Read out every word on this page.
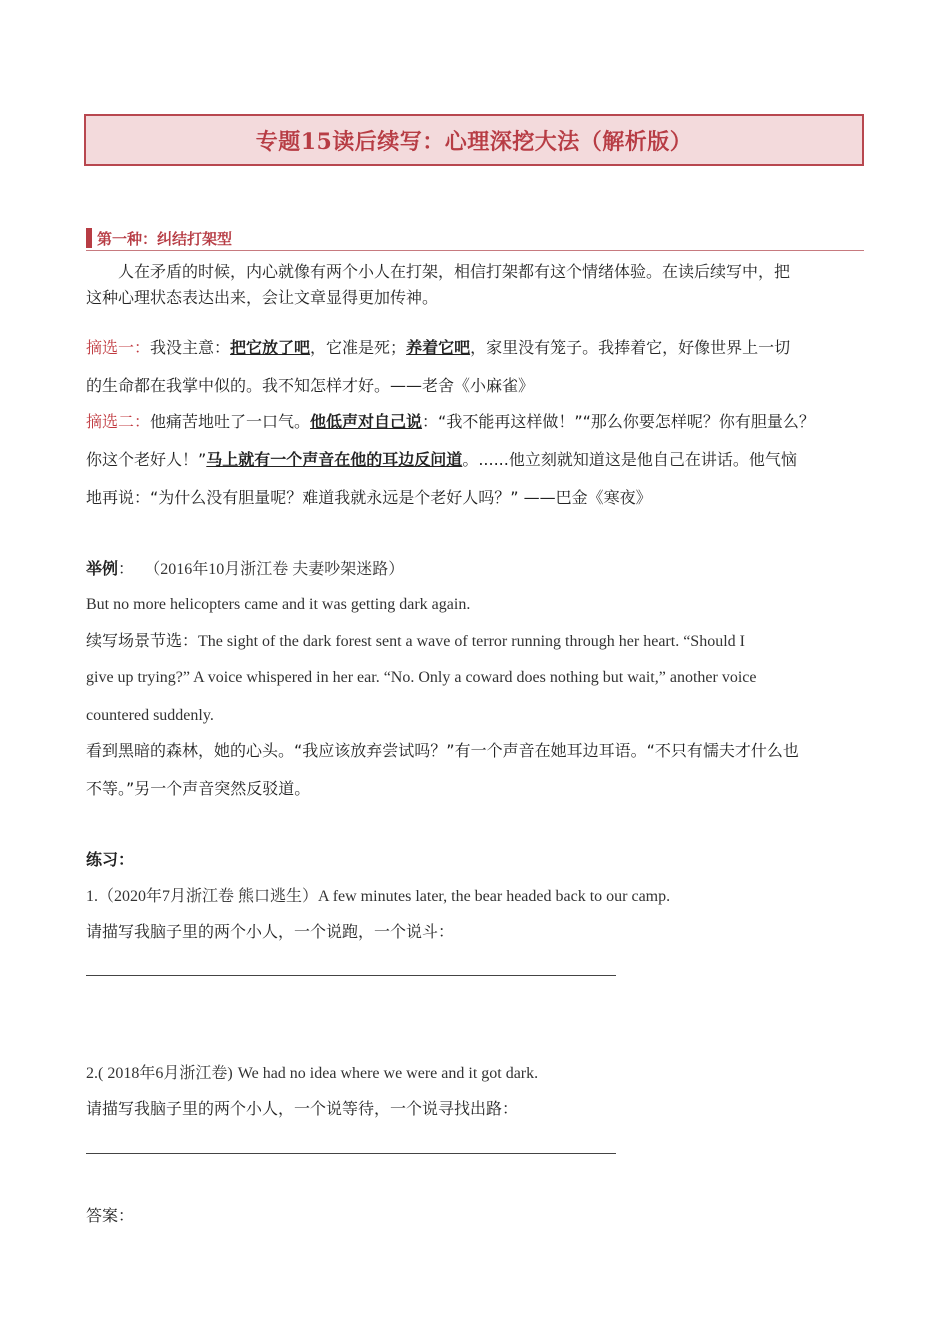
专题15读后续写：心理深挖大法（解析版）
第一种：纠结打架型
人在矛盾的时候，内心就像有两个小人在打架，相信打架都有这个情绪体验。在读后续写中，把
这种心理状态表达出来，会让文章显得更加传神。
摘选一：我没主意：把它放了吧，它准是死；养着它吧，家里没有笼子。我捧着它，好像世界上一切
的生命都在我掌中似的。我不知怎样才好。——老舍《小麻雀》
摘选二：他痛苦地吐了一口气。他低声对自己说：“我不能再这样做！”“那么你要怎样呢？你有胆量么？
你这个老好人！”马上就有一个声音在他的耳边反问道。......他立刻就知道这是他自己在讲话。他气恼
地再说：“为什么没有胆量呢？难道我就永远是个老好人吗？” ——巴金《寒夜》
举例： （2016年10月浙江卷 夫妻吵架迷路）
But no more helicopters came and it was getting dark again.
续写场景节选：The sight of the dark forest sent a wave of terror running through her heart. “Should I
give up trying?” A voice whispered in her ear. “No. Only a coward does nothing but wait,” another voice
countered suddenly.
看到黑暗的森林，她的心头。“我应该放弃尝试吗？”有一个声音在她耳边耳语。“不只有懦夫才什么也
不等。”另一个声音突然反驳道。
练习：
1.（2020年7月浙江卷 熊口逃生）A few minutes later, the bear headed back to our camp.
请描写我脑子里的两个小人，一个说跑，一个说斗：
2.( 2018年6月浙江卷) We had no idea where we were and it got dark.
请描写我脑子里的两个小人，一个说等待，一个说寻找出路：
答案：
